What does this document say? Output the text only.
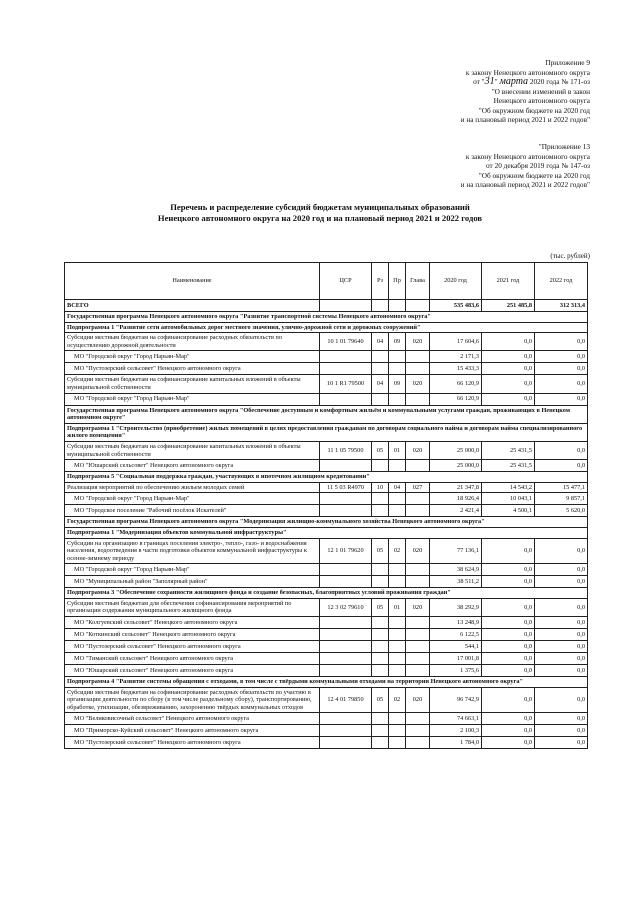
Приложение 9
к закону Ненецкого автономного округа
от "31" марта 2020 года № 171-оз
"О внесении изменений в закон
Ненецкого автономного округа
"Об окружном бюджете на 2020 год
и на плановый период 2021 и 2022 годов"
"Приложение 13
к закону Ненецкого автономного округа
от 20 декабря 2019 года № 147-оз
"Об окружном бюджете на 2020 год
и на плановый период 2021 и 2022 годов"
Перечень и распределение субсидий бюджетам муниципальных образований
Ненецкого автономного округа на 2020 год и на плановый период 2021 и 2022 годов
(тыс. рублей)
Наименование	ЦСР	Рз	Пр	Глава	2020 год	2021 год	2022 год
ВСЕГО					535 483,6	251 485,8	312 313,4
Государственная программа Ненецкого автономного округа "Развитие транспортной системы Ненецкого автономного округа"							
Подпрограмма 1 "Развитие сети автомобильных дорог местного значения, улично-дорожной сети и дорожных сооружений"							
Субсидии местным бюджетам на софинансирование расходных обязательств по осуществлению дорожной деятельности	10 1 01 79640	04	09	020	17 604,6	0,0	0,0
МО "Городской округ "Город Нарьян-Мар"					2 171,3	0,0	0,0
МО "Пустозерский сельсовет" Ненецкого автономного округа					15 433,3	0,0	0,0
Субсидии местным бюджетам на софинансирование капитальных вложений в объекты муниципальной собственности	10 1 R1 79500	04	09	020	66 120,9	0,0	0,0
МО "Городской округ "Город Нарьян-Мар"					66 120,9	0,0	0,0
Государственная программа Ненецкого автономного округа "Обеспечение доступным и комфортным жильём и коммунальными услугами граждан, проживающих в Ненецком автономном округе"							
Подпрограмма 1 "Строительство (приобретение) жилых помещений в целях предоставления гражданам по договорам социального найма и договорам найма специализированного жилого помещения"							
Субсидии местным бюджетам на софинансирование капитальных вложений в объекты муниципальной собственности	11 1 05 79500	05	01	020	25 000,0	25 431,5	0,0
МО "Юшарский сельсовет" Ненецкого автономного округа					25 000,0	25 431,5	0,0
Подпрограмма 5 "Социальная поддержка граждан, участвующих в ипотечном жилищном кредитовании"							
Реализация мероприятий по обеспечению жильем молодых семей	11 5 03 R4970	10	04	027	21 347,8	14 543,2	15 477,1
МО "Городской округ "Город Нарьян-Мар"					18 926,4	10 043,1	9 857,1
МО "Городское поселение "Рабочий посёлок Искателей"					2 421,4	4 500,1	5 620,0
Государственная программа Ненецкого автономного округа "Модернизация жилищно-коммунального хозяйства Ненецкого автономного округа"							
Подпрограмма 1 "Модернизация объектов коммунальной инфраструктуры"							
Субсидии на организацию в границах поселения электро-, тепло-, газо- и водоснабжения населения, водоотведения в части подготовки объектов коммунальной инфраструктуры к осенне-зимнему периоду	12 1 01 79620	05	02	020	77 136,1	0,0	0,0
МО "Городской округ "Город Нарьян-Мар"					38 624,9	0,0	0,0
МО "Муниципальный район "Заполярный район"					38 511,2	0,0	0,0
Подпрограмма 3 "Обеспечение сохранности жилищного фонда и создание безопасных, благоприятных условий проживания граждан"							
Субсидии местным бюджетам для обеспечения софинансирования мероприятий по организации содержания муниципального жилищного фонда	12 3 02 79610	05	01	020	38 292,9	0,0	0,0
МО "Колгуевский сельсовет" Ненецкого автономного округа					13 248,9	0,0	0,0
МО "Коткинский сельсовет" Ненецкого автономного округа					6 122,5	0,0	0,0
МО "Пустозерский сельсовет" Ненецкого автономного округа					544,1	0,0	0,0
МО "Тиманский сельсовет" Ненецкого автономного округа					17 001,8	0,0	0,0
МО "Юшарский сельсовет" Ненецкого автономного округа					1 375,6	0,0	0,0
Подпрограмма 4 "Развитие системы обращения с отходами, в том числе с твёрдыми коммунальными отходами на территории Ненецкого автономного округа"							
Субсидии местным бюджетам на софинансирование расходных обязательств по участию в организации деятельности по сбору (в том числе раздельному сбору), транспортированию, обработке, утилизации, обезвреживанию, захоронению твёрдых коммунальных отходов	12 4 01 79850	05	02	020	96 742,9	0,0	0,0
МО "Великовисочный сельсовет" Ненецкого автономного округа					74 663,1	0,0	0,0
МО "Приморско-Куйский сельсовет" Ненецкого автономного округа					2 100,3	0,0	0,0
МО "Пустозерский сельсовет" Ненецкого автономного округа					1 784,0	0,0	0,0
